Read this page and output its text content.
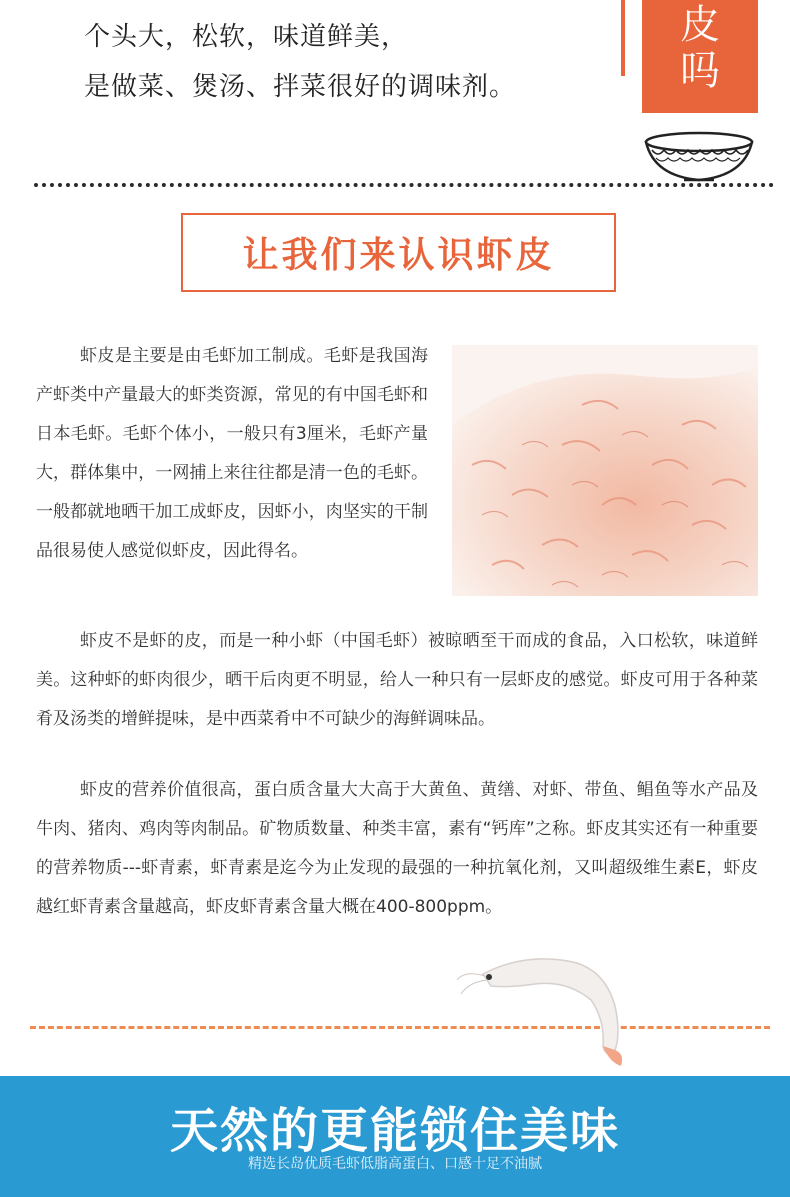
个头大，松软，味道鲜美，
是做菜、煲汤、拌菜很好的调味剂。
皮
吗
让我们来认识虾皮
虾皮是主要是由毛虾加工制成。毛虾是我国海产虾类中产量最大的虾类资源，常见的有中国毛虾和日本毛虾。毛虾个体小，一般只有3厘米，毛虾产量大，群体集中，一网捕上来往往都是清一色的毛虾。一般都就地晒干加工成虾皮，因虾小，肉坚实的干制品很易使人感觉似虾皮，因此得名。
虾皮不是虾的皮，而是一种小虾（中国毛虾）被晾晒至干而成的食品，入口松软，味道鲜美。这种虾的虾肉很少，晒干后肉更不明显，给人一种只有一层虾皮的感觉。虾皮可用于各种菜肴及汤类的增鲜提味，是中西菜肴中不可缺少的海鲜调味品。
虾皮的营养价值很高，蛋白质含量大大高于大黄鱼、黄缮、对虾、带鱼、鲳鱼等水产品及牛肉、猪肉、鸡肉等肉制品。矿物质数量、种类丰富，素有“钙库”之称。虾皮其实还有一种重要的营养物质---虾青素，虾青素是迄今为止发现的最强的一种抗氧化剂，又叫超级维生素E，虾皮越红虾青素含量越高，虾皮虾青素含量大概在400-800ppm。
天然的更能锁住美味
精选长岛优质毛虾低脂高蛋白、口感十足不油腻
